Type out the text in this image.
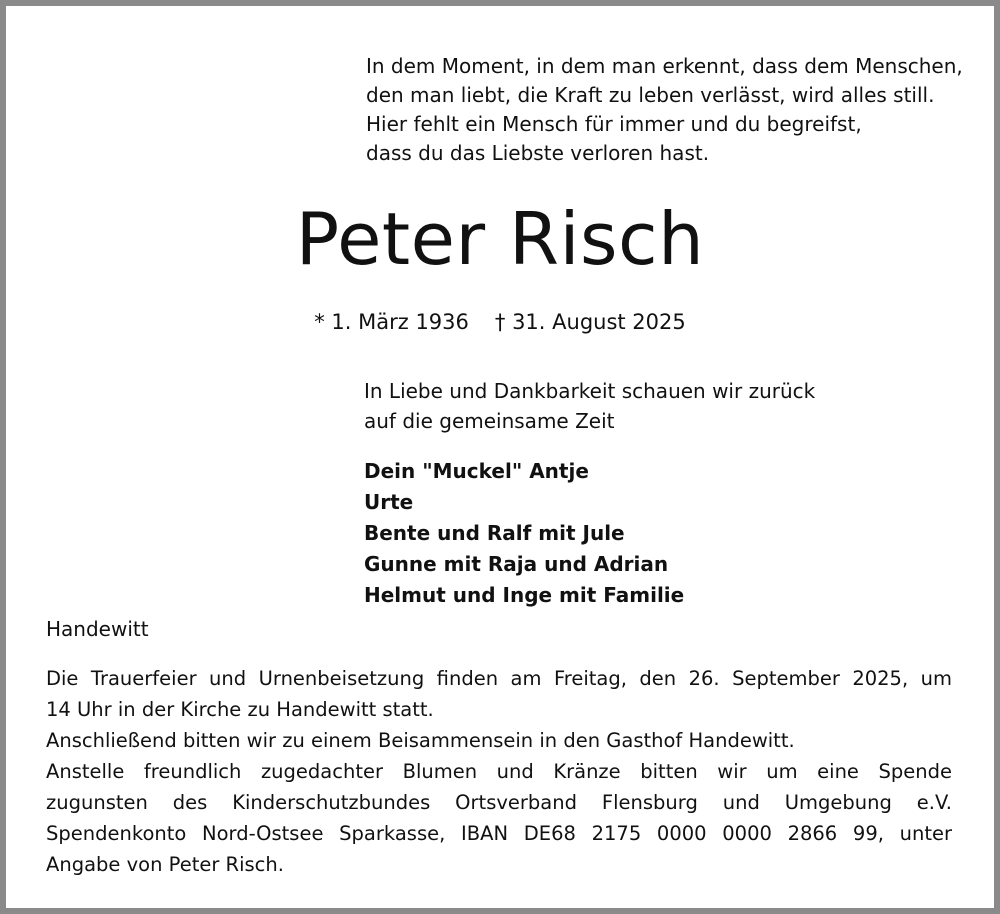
In dem Moment, in dem man erkennt, dass dem Menschen,
den man liebt, die Kraft zu leben verlässt, wird alles still.
Hier fehlt ein Mensch für immer und du begreifst,
dass du das Liebste verloren hast.
Peter Risch
* 1. März 1936 † 31. August 2025
In Liebe und Dankbarkeit schauen wir zurück
auf die gemeinsame Zeit
Dein "Muckel" Antje
Urte
Bente und Ralf mit Jule
Gunne mit Raja und Adrian
Helmut und Inge mit Familie
Handewitt
Die Trauerfeier und Urnenbeisetzung finden am Freitag, den 26. September 2025, um
14 Uhr in der Kirche zu Handewitt statt.
Anschließend bitten wir zu einem Beisammensein in den Gasthof Handewitt.
Anstelle freundlich zugedachter Blumen und Kränze bitten wir um eine Spende
zugunsten des Kinderschutzbundes Ortsverband Flensburg und Umgebung e.V.
Spendenkonto Nord-Ostsee Sparkasse, IBAN DE68 2175 0000 0000 2866 99, unter
Angabe von Peter Risch.
